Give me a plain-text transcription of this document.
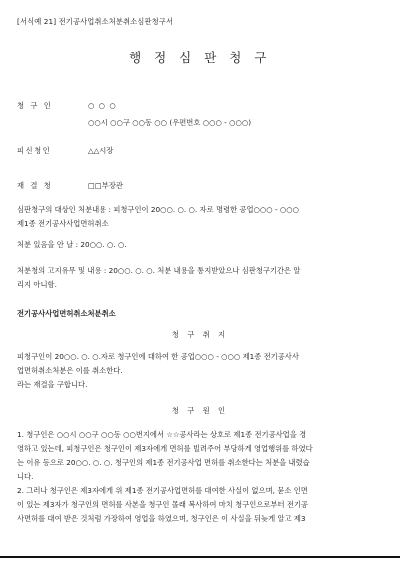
[서식예 21] 전기공사업취소처분취소심판청구서
행 정 심 판 청 구
청 구 인	○ ○ ○
○○시 ○○구 ○○동 ○○ (우편번호 ○○○ - ○○○)
피신청인	△△시장
재 결 청	□□부장관
심판청구의 대상인 처분내용 : 피청구인이 20○○. ○. ○. 자로 명령한 공업○○○ - ○○○
제1종 전기공사사업면허취소
처분 있음을 안 날 : 20○○. ○. ○.
처분청의 고지유무 및 내용 : 20○○. ○. ○. 처분 내용을 통지받았으나 심판청구기간은 알
리지 아니함.
전기공사사업면허취소처분취소
청 구 취 지
피청구인이 20○○. ○. ○.자로 청구인에 대하여 한 공업○○○ - ○○○ 제1종 전기공사사
업면허취소처분은 이를 취소한다.
라는 재결을 구합니다.
청 구 원 인
1. 청구인은 ○○시 ○○구 ○○동 ○○번지에서 ☆☆공사라는 상호로 제1종 전기공사업을 경
영하고 있는데, 피청구인은 청구인이 제3자에게 면허를 빌려주어 부당하게 영업행위를 하였다
는 이유 등으로 20○○. ○. ○. 청구인의 제1종 전기공사업 면허를 취소한다는 처분을 내렸습
니다.
2. 그러나 청구인은 제3자에게 위 제1종 전기공사업면허를 대여한 사실이 없으며, 묻소 인면
이 있는 제3자가 청구인의 면허를 사본을 청구인 몰래 복사하여 마치 청구인으로부터 전기공
사면허를 대여 받은 것처럼 가장하여 영업을 하였으며, 청구인은 이 사실을 뒤늦게 알고 제3
